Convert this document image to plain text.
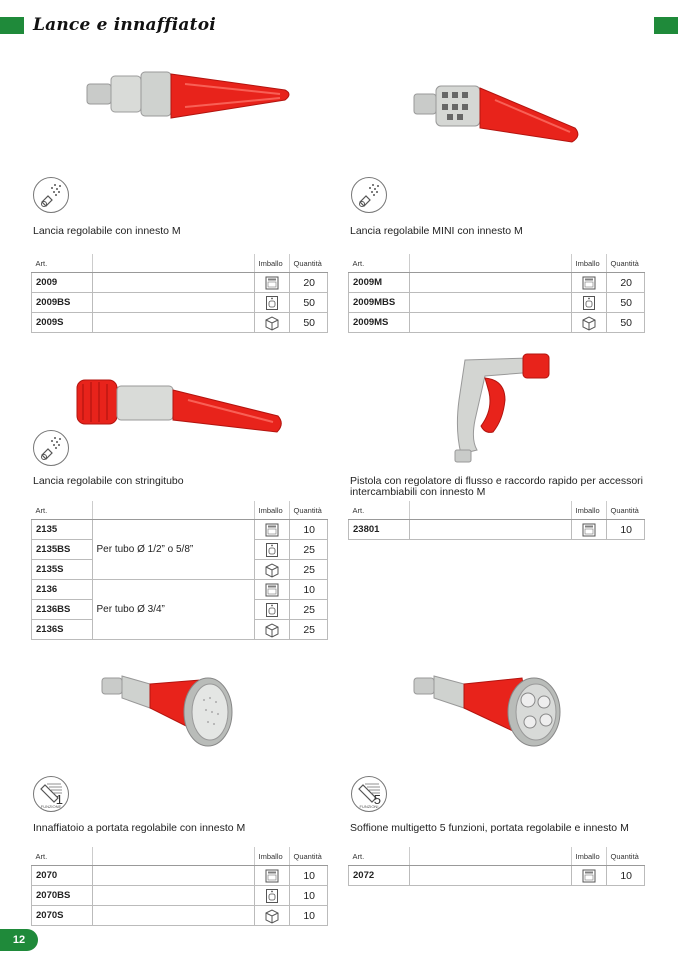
Lance e innaffiatoi
Lancia regolabile con innesto M
Art.		Imballo	Quantità
2009			20
2009BS			50
2009S			50
Lancia regolabile MINI con innesto M
Art.		Imballo	Quantità
2009M			20
2009MBS			50
2009MS			50
Lancia regolabile con stringitubo
Art.		Imballo	Quantità
2135	Per tubo Ø 1/2” o 5/8”		10
2135BS			25
2135S			25
2136	Per tubo Ø 3/4”		10
2136BS			25
2136S			25
Pistola con regolatore di flusso e raccordo rapido per accessori intercambiabili con innesto M
Art.		Imballo	Quantità
23801			10
1
FUNZIONE
Innaffiatoio a portata regolabile con innesto M
Art.		Imballo	Quantità
2070			10
2070BS			10
2070S			10
5
FUNZIONI
Soffione multigetto 5 funzioni, portata regolabile e innesto M
Art.		Imballo	Quantità
2072			10
12
